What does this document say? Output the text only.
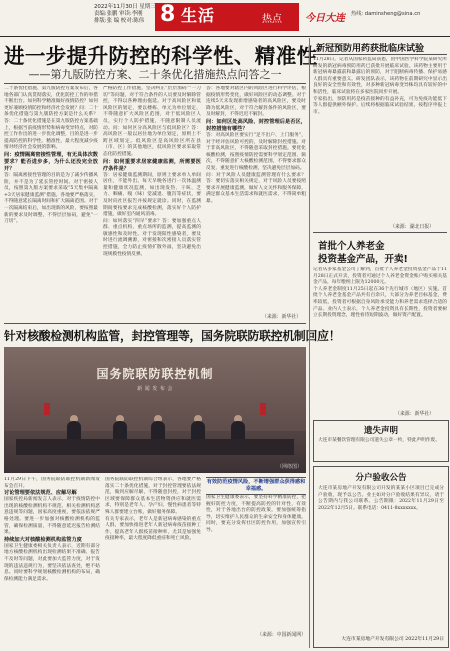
2022年11月30日 星期三
责编:张鹏 审读:李刚
排版:张 编 校对:陈伟 8 生活	热点 今日大连	热线: daminsheng@sina.cn
进一步提升防控的科学性、精准性
——第九版防控方案、二十条优化措施热点问答之一
二十条优化措施、第九版防控方案发布后，各地各部门认真贯彻落实，优化防控工作的举措不断出台。如何科学精准做好疫情防控？如何更好兼顾疫情防控和经济社会发展？问：二十条优化措施与第九版防控方案是什么关系？答：二十条优化措施是在第九版防控方案基础上，根据当前疫情形势和病毒变异特点，对防控工作作出的进一步优化调整，目的是进一步提高防控的科学性、精准性，最大程度减少疫情对经济社会发展的影响。
问：疫情隔离密接性管理，有无具体次数要求？能否进步多，为什么还没完全放开？
答：隔离密接性管理的目的是为了减少传播风险，并不是为了延长管控时间。对于密接人员，按照第九版方案要求采取“5天集中隔离+3天居家健康监测”措施。各地要严格落实，不得随意延长隔离时间和扩大隔离范围。对于一次隔离结束后，如出现新的风险，要按照最新的要求及时调整，不得层层加码，避免“一刀切”。
严格防控工作措施，坚决纠正“层层加码”“一刀切”等问题，对于符合条件的人员要及时解除管控，不得以各种理由拖延。对于高风险区和低风险区的划定，要以楼栋、单元为单位划定，不得随意扩大风险区范围，对于低风险区人员，实行个人防护措施，不随意限制人员流动。问：如何区分高风险区与低风险区？答：高风险区一般以居住地为单位划定，原则上不跨区域划定。低风险区是高风险区所在县（市、区）的其他地区，低风险区要求采取常态化防控措施。
问：如何重要求居家健康监测，所需要医疗条件是？
答：居家健康监测期间，原则上要求单人单间居住，不能外出。每天早晚各进行一次体温测量和健康状况监测，如出现发热、干咳、乏力、咽痛、嗅（味）觉减退、腹泻等症状，要及时向社区报告并按规定就诊。同时，在监测期间要按要求完成核酸检测，落实好个人防护措施，做好室内通风消毒。
问：如何落实“四早”要求？答：要加强重点人群、重点机构、重点场所的监测，提高监测的敏感性和及时性。对于发现阳性感染者，要及时进行流调溯源，对密接和次密接人员落实管控措施，全力防止疫情扩散外溢，坚决避免出现规模性疫情反弹。
答：各地要对辖区内的风险区进行科学评估，根据疫情形势变化，做好风险区的动态调整。对于连续5天未发现新增感染者的高风险区，要及时降为低风险区，对于符合解封条件的风险区，要及时解封，不得迟迟不解封。
问：如何区处高风险、封控管理后是否区，封控措施有哪些？
答：对高风险区要实行“足不出户、上门服务”，对于经评估风险可控的，及时解除封控措施。对于非高风险区，不得随意采取封控措施。要优化核酸检测，按照疫情防控需要科学划定范围、频次，不得随意扩大核酸检测范围，不得要求群众反复、重复进行核酸检测，坚决避免层层加码。
问：对于风险人员健康监测管理有什么要求？答：要切实落实相关规定，对于风险人员要按照要求开展健康监测，做好人文关怀和服务保障，满足群众基本生活需求和就医需求，不得简单粗暴。
（来源：新华社）
针对核酸检测机构监管，封控管理等，国务院联防联控机制回应！
国务院联防联控机制
新 闻 发 布 会
（网络图）
11月29日下午，国务院联防联控机制新闻发布会召开。
讨论管理要依法规范、应解尽解
国家疾控局新闻发言人表示，对于疫情防控中出现的核酸检测机构不规范、相关检测机构恶意违规等问题，国家高度重视，要依法依规严格处理。要进一步加强对核酸检测机构的监管，确保检测质量，不得随意延迟报告检测结果。
持续加大对核酸检测机构监管力度
国家卫生健康委相关负责人表示，近期有部分地方核酸检测机构出现检测结果不准确、报告不及时等问题，对此要加大监管力度，对于发现的违法违规行为，要坚决依法查处，绝不姑息。同时要科学规划核酸检测机构的布局，确保检测能力满足需求。
国务院联防联控机制综合组表示，各地要严格落实二十条优化措施，对于封控管理要依法规范，做到应解尽解，不得随意封控，对于封控区域要保障群众基本生活物资供应和就医需求，特别是老年人、孕产妇、慢性病患者等特殊人群要建立台账，做好服务保障。
有关专家表示，老年人是新冠病毒感染的重点人群，要加快推进老年人新冠病毒疫苗接种工作，提高老年人群疫苗接种率，尤其是加强免疫接种率，最大程度降低重症和死亡风险。
有效防范疫情风险，不断增强群众获得感和幸福感。
国家卫生健康委表示，要坚持科学精准防控，把握好防控力度，不断提高防控的针对性、有效性，对于各地出台的防控政策，要加强统筹指导，切实维护人民群众的生命安全和身体健康。同时，要充分发挥社区防控作用，加强宣传引导。
（来源：中国新闻网）
新冠预防用药获批临床试验
11月28日，记者从国家药监局获悉，由中国医学科学院某研究所研发的新冠病毒预防用药已获批开展临床试验。该药物主要用于新冠病毒暴露前和暴露后的预防，对于阻断病毒传播、保护易感人群具有重要意义。研发团队表示，该药物在前期研究中显示出良好的安全性和有效性，对多种新冠病毒变异株均具有较好的中和活性，临床试验将在多家医院同步开展。
专家指出，预防用药是疫苗接种的有益补充，可为免疫功能低下等人群提供额外保护。后续将根据临床试验结果，按程序申报上市。
（来源：湖北日报）
首批个人养老金
投资基金产品，开卖!
记者从多家基金公司了解到，首批个人养老金投资基金产品于11月28日正式开卖，投资者可通过个人养老金资金账户购买相关基金产品，每年缴纳上限为12000元。
个人养老金制度11月25日起在36个先行城市（地区）实施。首批个人养老金基金产品共有百余只，大部分为养老目标基金，费率较低，投资者可根据自身风险承受能力和养老需求选择合适的产品。业内人士表示，个人养老金投资具有长期性，投资者要树立长期投资理念，理性看待短期波动，做好资产配置。
（来源：新华社）
遗失声明
大连市某餐饮管理有限公司遗失公章一枚，特此声明作废。
分户验收公告
大连市某房地产开发有限公司开发的某某小区项目已完成分户验收，现予以公告。业主如对分户验收结果有异议，请于公告期内与我公司联系。公告期限：2022年11月29日至2022年12月5日。联系电话：0411-8xxxxxxx。
大连市某房地产开发有限公司 2022年11月29日
